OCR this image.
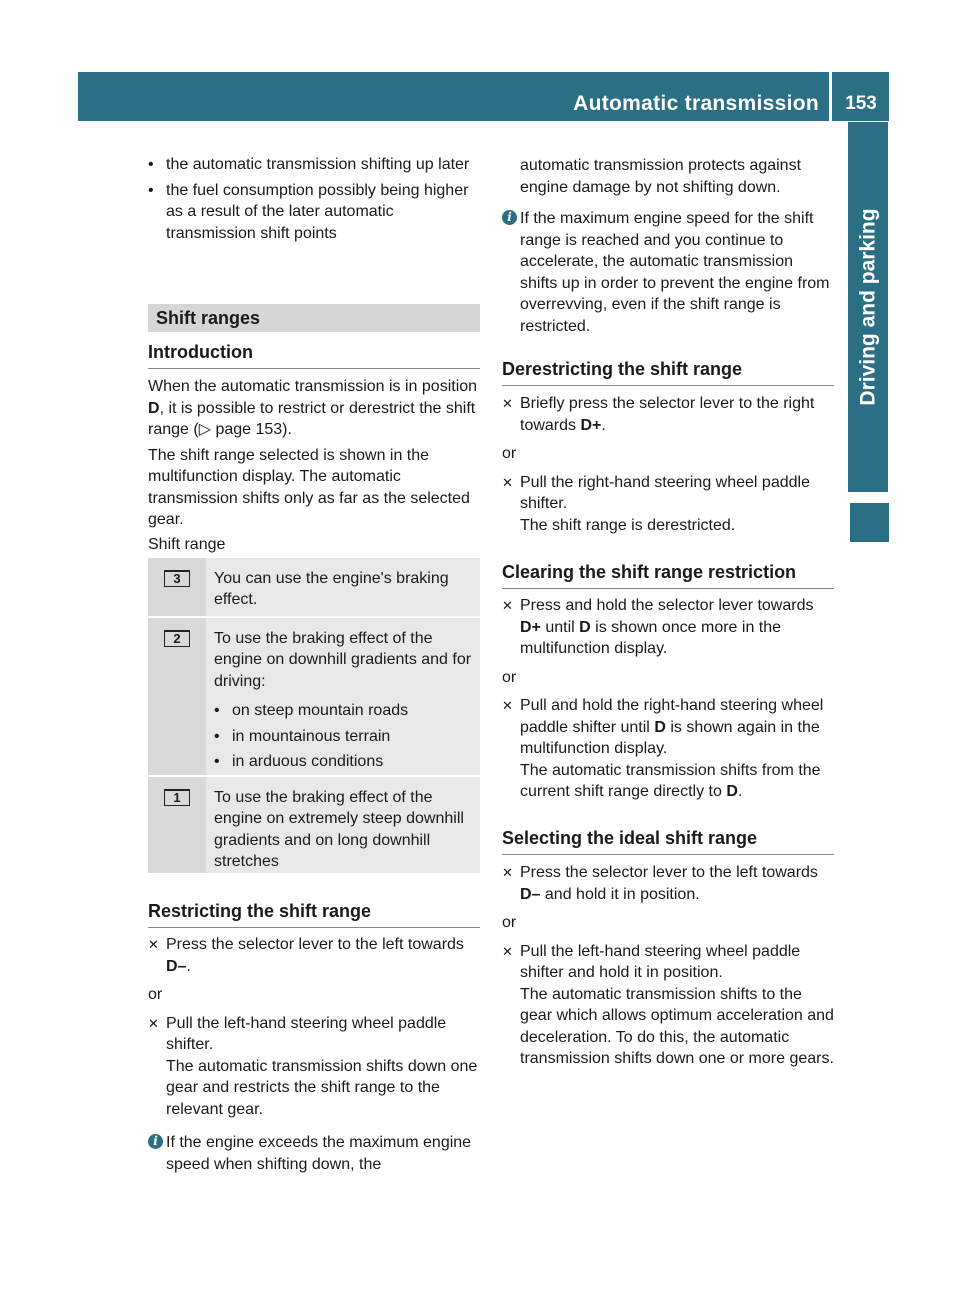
Automatic transmission	153
Driving and parking
• the automatic transmission shifting up later
• the fuel consumption possibly being higher as a result of the later automatic transmission shift points
Shift ranges
Introduction

When the automatic transmission is in position D, it is possible to restrict or derestrict the shift range (▷ page 153).

The shift range selected is shown in the multifunction display. The automatic transmission shifts only as far as the selected gear.

Shift range
3	You can use the engine's braking effect.
2	To use the braking effect of the engine on downhill gradients and for driving:
• on steep mountain roads
• in mountainous terrain
• in arduous conditions
1	To use the braking effect of the engine on extremely steep downhill gradients and on long downhill stretches
Restricting the shift range
✕ Press the selector lever to the left towards D–.

or

✕ Pull the left-hand steering wheel paddle shifter.
The automatic transmission shifts down one gear and restricts the shift range to the relevant gear.
i If the engine exceeds the maximum engine speed when shifting down, the

automatic transmission protects against engine damage by not shifting down.

i If the maximum engine speed for the shift range is reached and you continue to accelerate, the automatic transmission shifts up in order to prevent the engine from overrevving, even if the shift range is restricted.
Derestricting the shift range
✕ Briefly press the selector lever to the right towards D+.

or

✕ Pull the right-hand steering wheel paddle shifter.
The shift range is derestricted.
Clearing the shift range restriction
✕ Press and hold the selector lever towards D+ until D is shown once more in the multifunction display.

or

✕ Pull and hold the right-hand steering wheel paddle shifter until D is shown again in the multifunction display.
The automatic transmission shifts from the current shift range directly to D.
Selecting the ideal shift range
✕ Press the selector lever to the left towards D– and hold it in position.

or

✕ Pull the left-hand steering wheel paddle shifter and hold it in position.
The automatic transmission shifts to the gear which allows optimum acceleration and deceleration. To do this, the automatic transmission shifts down one or more gears.
